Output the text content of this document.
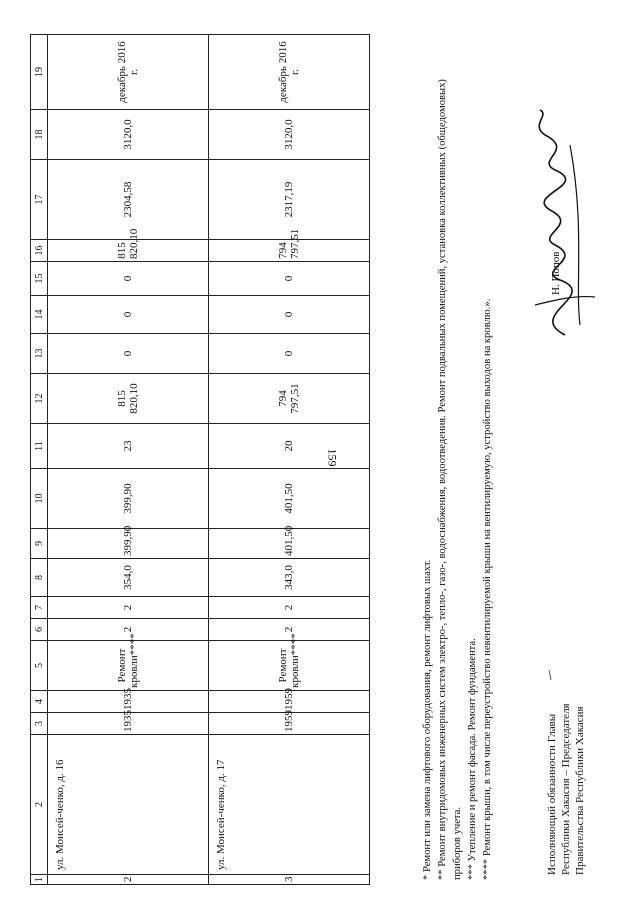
159
1	2	3	4	5	6	7	8	9	10	11	12	13	14	15	16	17	18	19
2	ул. Моисей-ченко, д. 16	1935	1935	Ремонт кровли****	2	2	354,0	399,90	399,90	23	815 820,10	0	0	0	815 820,10	2304,58	3120,0	декабрь 2016 г.
3	ул. Моисей-ченко, д. 17	1959	1959	Ремонт кровли****	2	2	343,0	401,50	401,50	20	794 797,51	0	0	0	794 797,51	2317,19	3120,0	декабрь 2016 г.

* Ремонт или замена лифтового оборудования, ремонт лифтовых шахт. ** Ремонт внутридомовых инженерных систем электро-, тепло-, газо-, водоснабжения, водоотведения. Ремонт подвальных помещений, установка коллективных (общедомовых) приборов учета. *** Утепление и ремонт фасада. Ремонт фундамента. **** Ремонт крыши, в том числе переустройство невентилируемой крыши на вентилируемую, устройство выходов на кровлю.».	Исполняющий обязанности Главы Республики Хакасия – Председателя Правительства Республики Хакасия

Н. Попов
